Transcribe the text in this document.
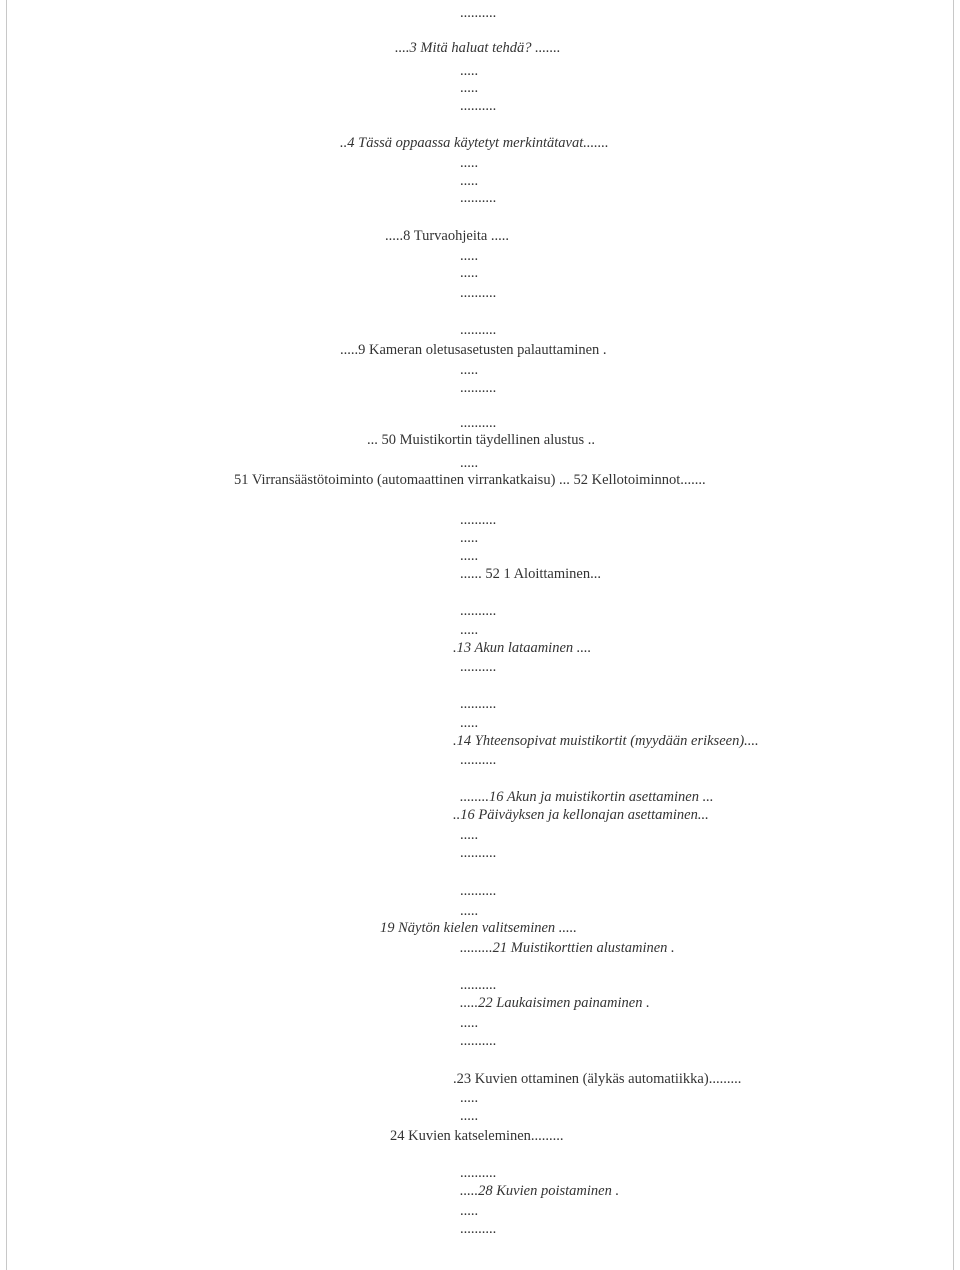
..........
....3 Mitä haluat tehdä? .......
.....
.....
..........
..4 Tässä oppaassa käytetyt merkintätavat.......
.....
.....
..........
.....8 Turvaohjeita .....
.....
.....
..........
..........
.....9 Kameran oletusasetusten palauttaminen .
.....
..........
..........
... 50 Muistikortin täydellinen alustus ..
.....
51 Virransäästötoiminto (automaattinen virrankatkaisu) ... 52 Kellotoiminnot.......
..........
.....
.....
...... 52 1 Aloittaminen...
..........
.....
.13 Akun lataaminen ....
..........
..........
.....
.14 Yhteensopivat muistikortit (myydään erikseen)....
..........
........16 Akun ja muistikortin asettaminen ...
..16 Päiväyksen ja kellonajan asettaminen...
.....
..........
..........
.....
19 Näytön kielen valitseminen .....
.........21 Muistikorttien alustaminen .
..........
.....22 Laukaisimen painaminen .
.....
..........
.23 Kuvien ottaminen (älykäs automatiikka).........
.....
.....
24 Kuvien katseleminen.........
..........
.....28 Kuvien poistaminen .
.....
..........
